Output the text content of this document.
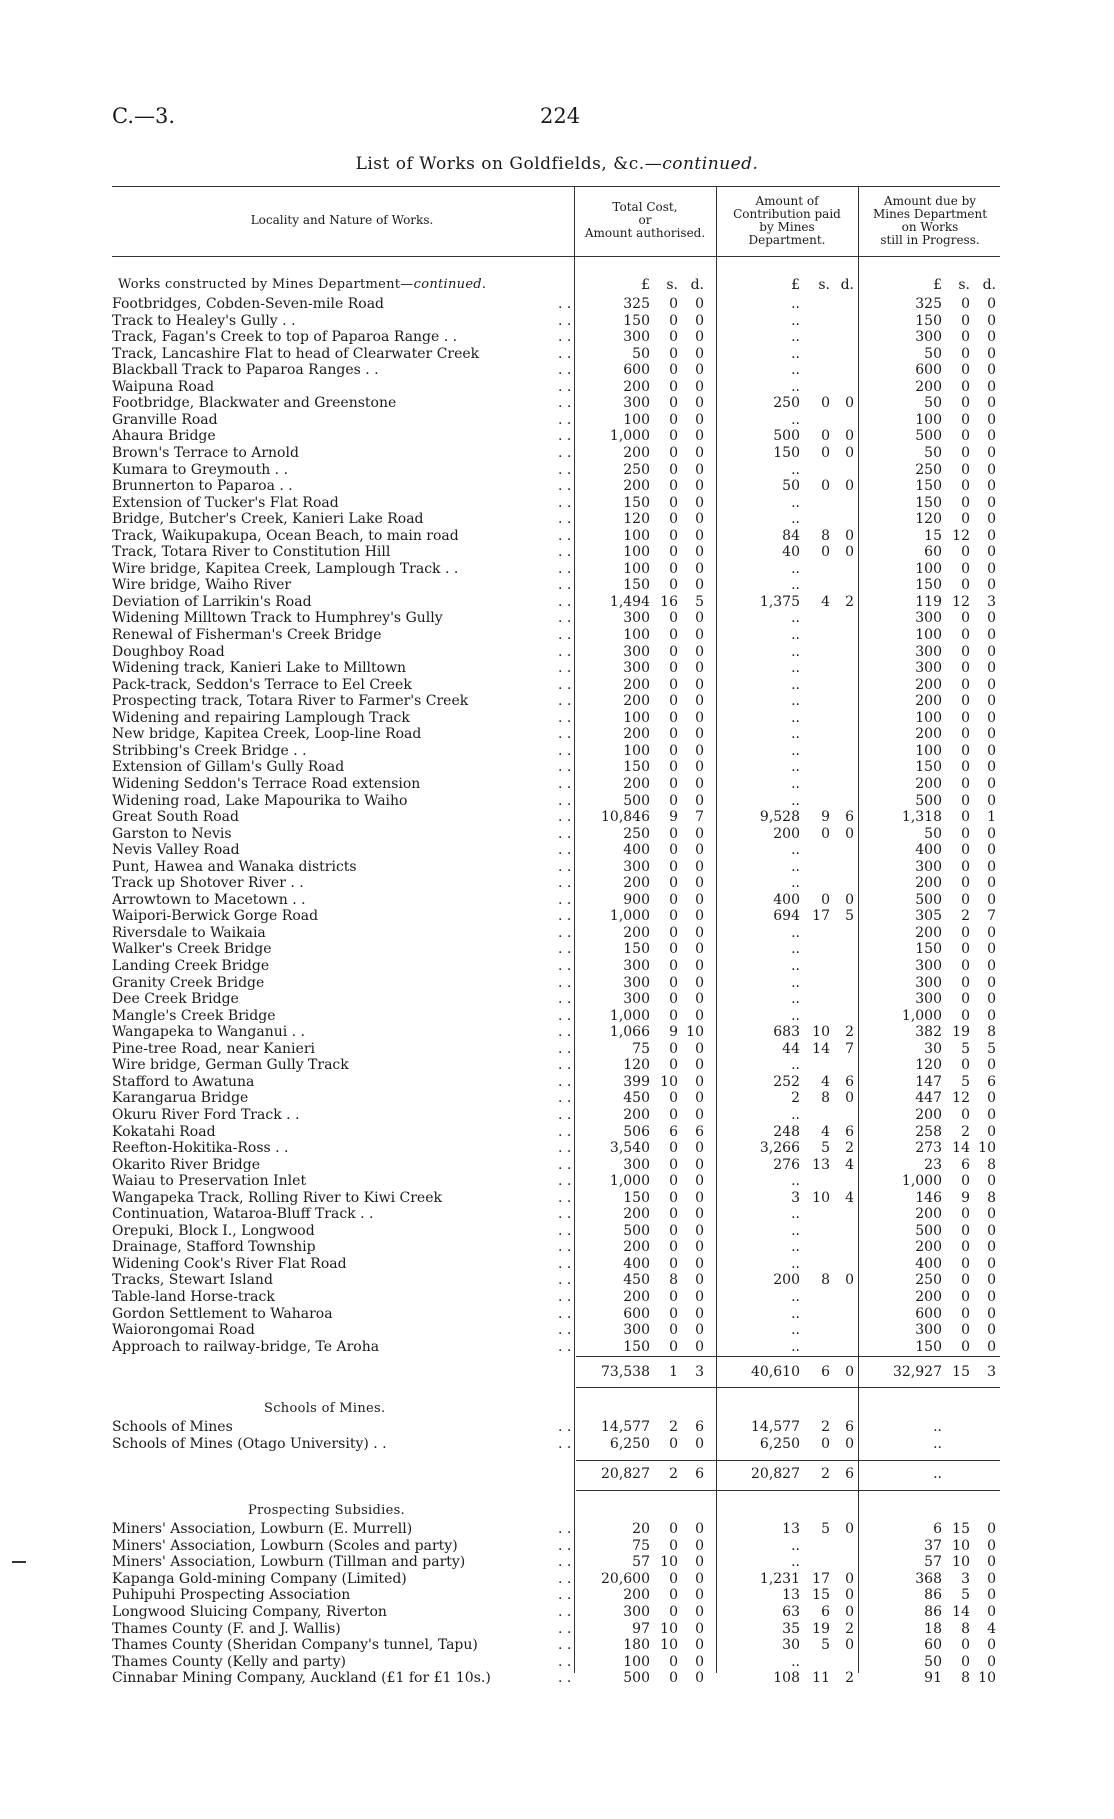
C.—3.	224
List of Works on Goldfields, &c.—continued.
Locality and Nature of Works.
Total Cost,
or
Amount authorised.
Amount of
Contribution paid
by Mines
Department.
Amount due by
Mines Department
on Works
still in Progress.
Works constructed by Mines Department—continued.	£	s. d.	£	s. d.	£	s. d.
Footbridges, Cobden-Seven-mile Road	. .	325	0	0	..	325	0	0
Track to Healey's Gully . .	. .	150	0	0	..	150	0	0
Track, Fagan's Creek to top of Paparoa Range . .	. .	300	0	0	..	300	0	0
Track, Lancashire Flat to head of Clearwater Creek	. .	50	0	0	..	50	0	0
Blackball Track to Paparoa Ranges . .	. .	600	0	0	..	600	0	0
Waipuna Road	. .	200	0	0	..	200	0	0
Footbridge, Blackwater and Greenstone	. .	300	0	0	250	0	0	50	0	0
Granville Road	. .	100	0	0	..	100	0	0
Ahaura Bridge	. .	1,000	0	0	500	0	0	500	0	0
Brown's Terrace to Arnold	. .	200	0	0	150	0	0	50	0	0
Kumara to Greymouth . .	. .	250	0	0	..	250	0	0
Brunnerton to Paparoa . .	. .	200	0	0	50	0	0	150	0	0
Extension of Tucker's Flat Road	. .	150	0	0	..	150	0	0
Bridge, Butcher's Creek, Kanieri Lake Road	. .	120	0	0	..	120	0	0
Track, Waikupakupa, Ocean Beach, to main road	. .	100	0	0	84	8	0	15 12	0
Track, Totara River to Constitution Hill	. .	100	0	0	40	0	0	60	0	0
Wire bridge, Kapitea Creek, Lamplough Track . .	. .	100	0	0	..	100	0	0
Wire bridge, Waiho River	. .	150	0	0	..	150	0	0
Deviation of Larrikin's Road	. .	1,494 16	5	1,375	4	2	119 12	3
Widening Milltown Track to Humphrey's Gully	. .	300	0	0	..	300	0	0
Renewal of Fisherman's Creek Bridge	. .	100	0	0	..	100	0	0
Doughboy Road	. .	300	0	0	..	300	0	0
Widening track, Kanieri Lake to Milltown	. .	300	0	0	..	300	0	0
Pack-track, Seddon's Terrace to Eel Creek	. .	200	0	0	..	200	0	0
Prospecting track, Totara River to Farmer's Creek	. .	200	0	0	..	200	0	0
Widening and repairing Lamplough Track	. .	100	0	0	..	100	0	0
New bridge, Kapitea Creek, Loop-line Road	. .	200	0	0	..	200	0	0
Stribbing's Creek Bridge . .	. .	100	0	0	..	100	0	0
Extension of Gillam's Gully Road	. .	150	0	0	..	150	0	0
Widening Seddon's Terrace Road extension	. .	200	0	0	..	200	0	0
Widening road, Lake Mapourika to Waiho	. .	500	0	0	..	500	0	0
Great South Road	. . 10,846	9	7	9,528	9	6	1,318	0	1
Garston to Nevis	. .	250	0	0	200	0	0	50	0	0
Nevis Valley Road	. .	400	0	0	..	400	0	0
Punt, Hawea and Wanaka districts	. .	300	0	0	..	300	0	0
Track up Shotover River . .	. .	200	0	0	..	200	0	0
Arrowtown to Macetown . .	. .	900	0	0	400	0	0	500	0	0
Waipori-Berwick Gorge Road	. .	1,000	0	0	694 17	5	305	2	7
Riversdale to Waikaia	. .	200	0	0	..	200	0	0
Walker's Creek Bridge	. .	150	0	0	..	150	0	0
Landing Creek Bridge	. .	300	0	0	..	300	0	0
Granity Creek Bridge	. .	300	0	0	..	300	0	0
Dee Creek Bridge	. .	300	0	0	..	300	0	0
Mangle's Creek Bridge	. .	1,000	0	0	..	1,000	0	0
Wangapeka to Wanganui . .	. .	1,066	9 10	683 10	2	382 19	8
Pine-tree Road, near Kanieri	. .	75	0	0	44 14	7	30	5	5
Wire bridge, German Gully Track	. .	120	0	0	..	120	0	0
Stafford to Awatuna	. .	399 10	0	252	4	6	147	5	6
Karangarua Bridge	. .	450	0	0	2	8	0	447 12	0
Okuru River Ford Track . .	. .	200	0	0	..	200	0	0
Kokatahi Road	. .	506	6	6	248	4	6	258	2	0
Reefton-Hokitika-Ross . .	. .	3,540	0	0	3,266	5	2	273 14 10
Okarito River Bridge	. .	300	0	0	276 13	4	23	6	8
Waiau to Preservation Inlet	. .	1,000	0	0	..	1,000	0	0
Wangapeka Track, Rolling River to Kiwi Creek	. .	150	0	0	3 10	4	146	9	8
Continuation, Wataroa-Bluff Track . .	. .	200	0	0	..	200	0	0
Orepuki, Block I., Longwood	. .	500	0	0	..	500	0	0
Drainage, Stafford Township	. .	200	0	0	..	200	0	0
Widening Cook's River Flat Road	. .	400	0	0	..	400	0	0
Tracks, Stewart Island	. .	450	8	0	200	8	0	250	0	0
Table-land Horse-track	. .	200	0	0	..	200	0	0
Gordon Settlement to Waharoa	. .	600	0	0	..	600	0	0
Waiorongomai Road	. .	300	0	0	..	300	0	0
Approach to railway-bridge, Te Aroha	. .	150	0	0	..	150	0	0
73,538	1	3	40,610	6	0	32,927 15	3
Schools of Mines.
Schools of Mines	. . 14,577	2	6	14,577	2	6	..
Schools of Mines (Otago University) . .	. .	6,250	0	0	6,250	0	0	..
20,827	2	6	20,827	2	6	..
Prospecting Subsidies.
Miners' Association, Lowburn (E. Murrell)	. .	20	0	0	13	5	0	6 15	0
Miners' Association, Lowburn (Scoles and party)	. .	75	0	0	..	37 10	0
Miners' Association, Lowburn (Tillman and party)	. .	57 10	0	..	57 10	0
Kapanga Gold-mining Company (Limited)	. . 20,600	0	0	1,231 17	0	368	3	0
Puhipuhi Prospecting Association	. .	200	0	0	13 15	0	86	5	0
Longwood Sluicing Company, Riverton	. .	300	0	0	63	6	0	86 14	0
Thames County (F. and J. Wallis)	. .	97 10	0	35 19	2	18	8	4
Thames County (Sheridan Company's tunnel, Tapu)	. .	180 10	0	30	5	0	60	0	0
Thames County (Kelly and party)	. .	100	0	0	..	50	0	0
Cinnabar Mining Company, Auckland (£1 for £1 10s.)	. .	500	0	0	108 11	2	91	8 10
